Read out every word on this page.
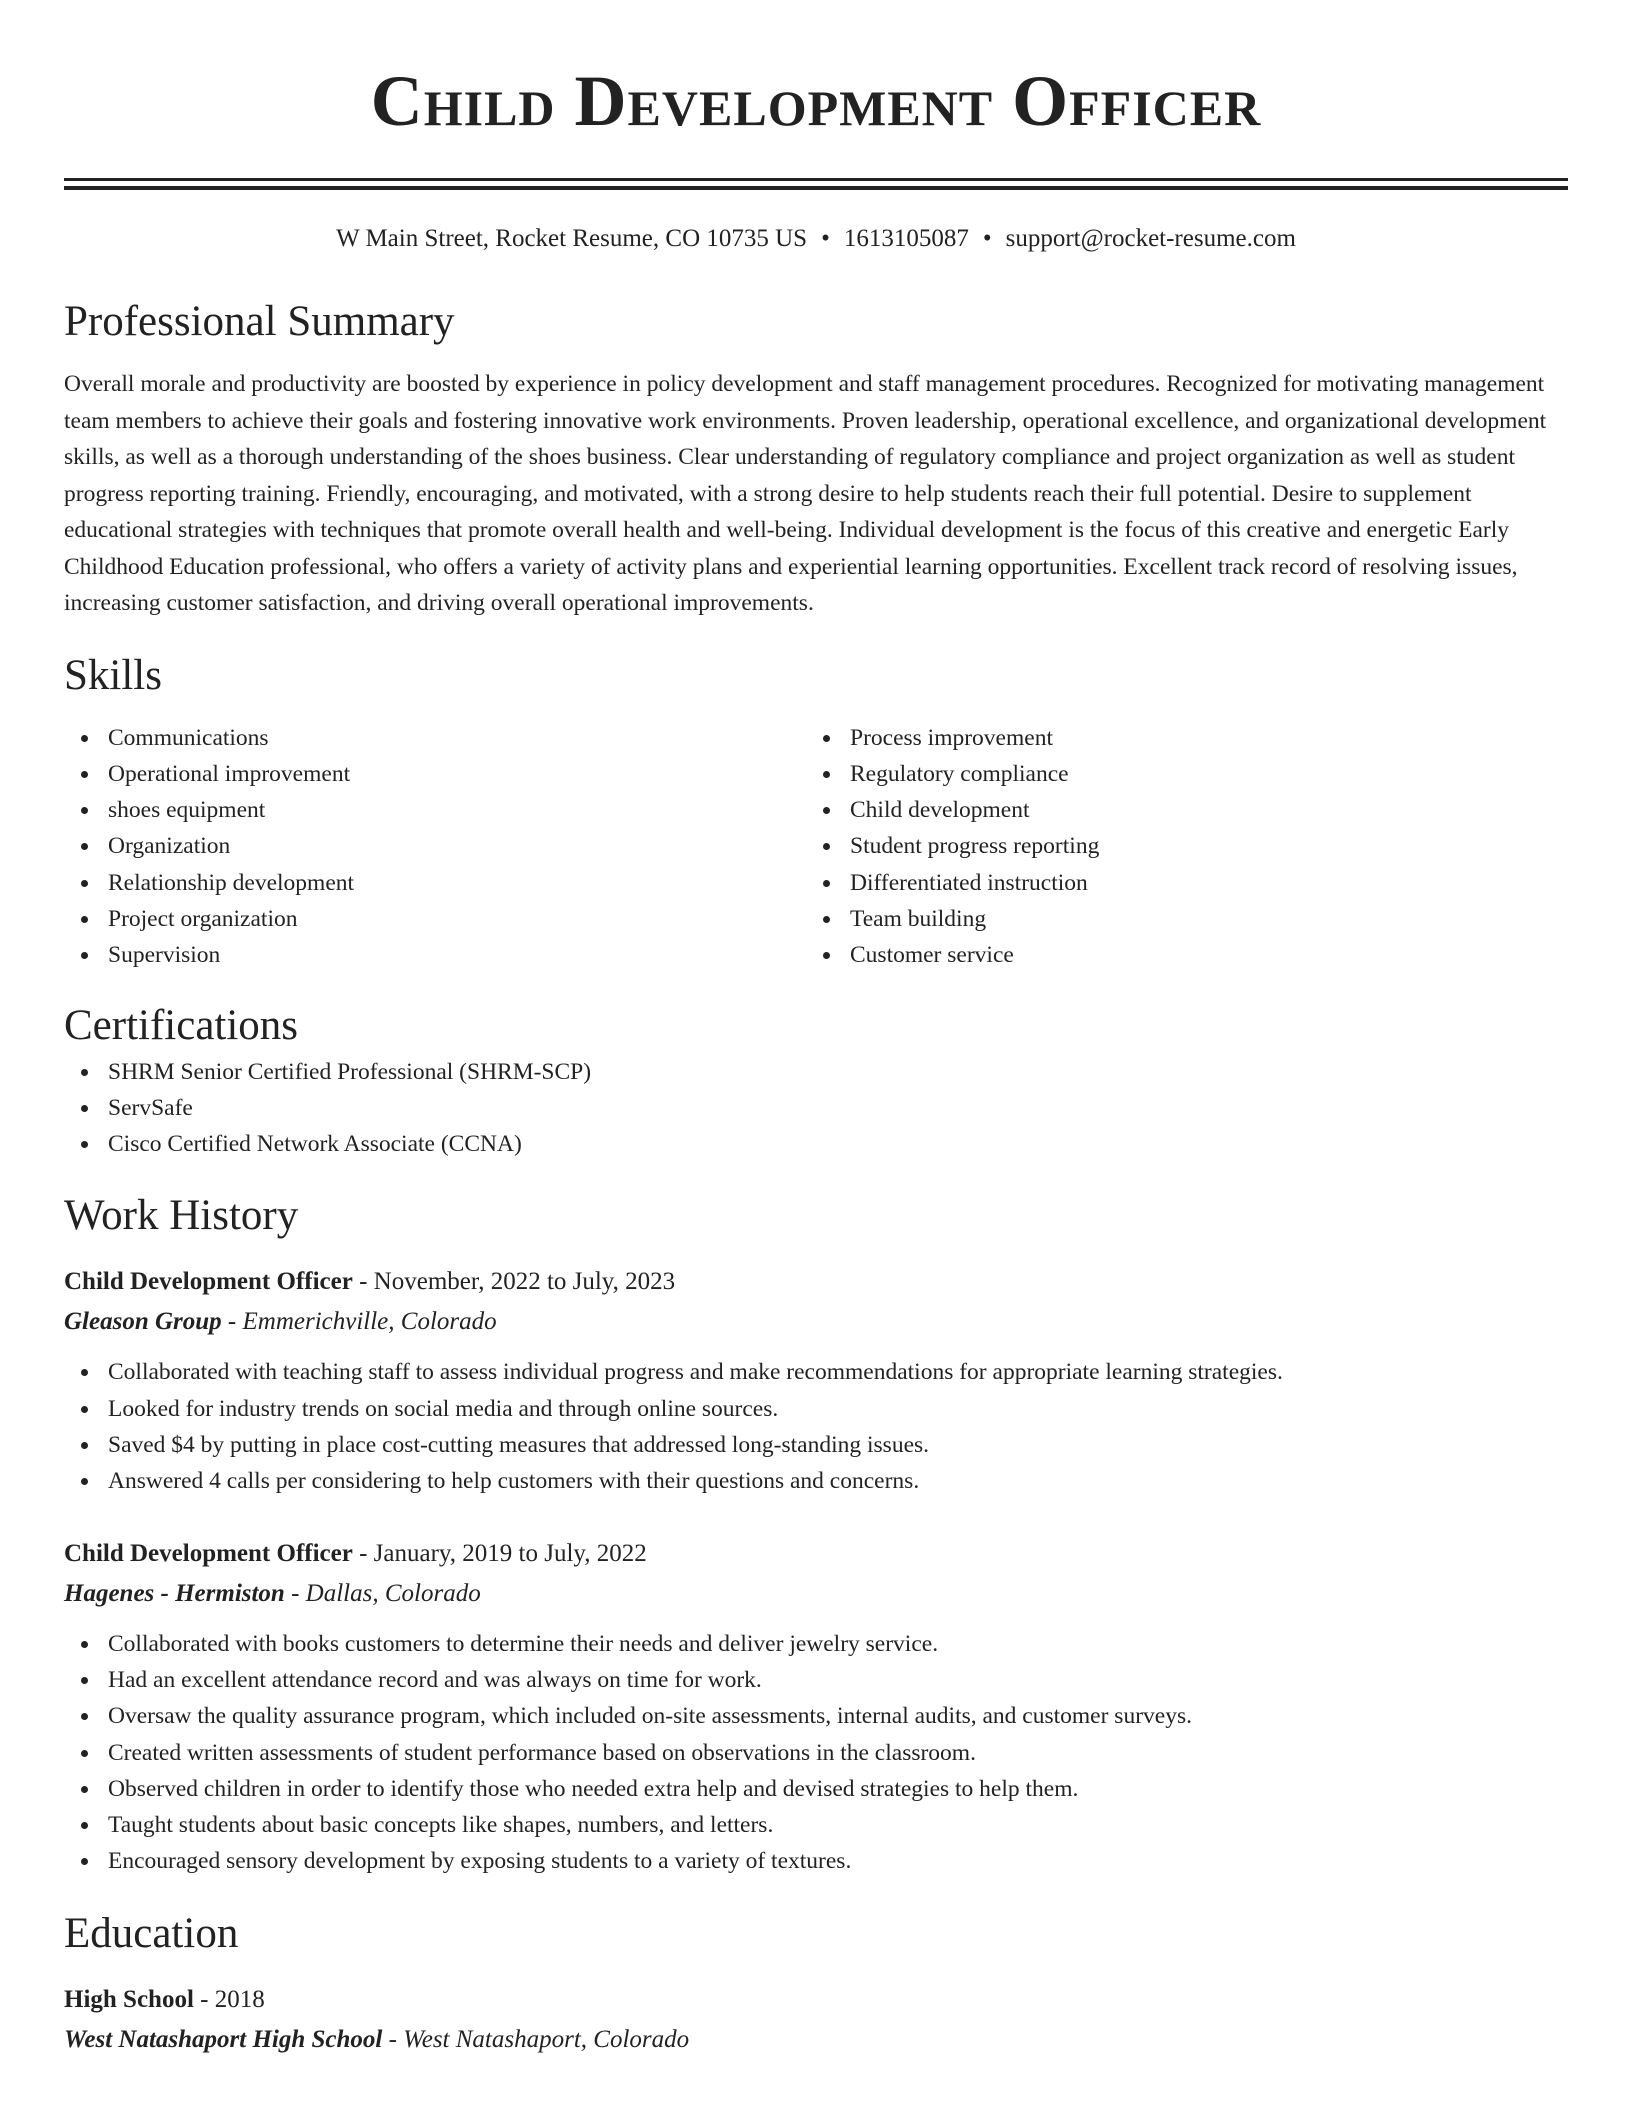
Child Development Officer
W Main Street, Rocket Resume, CO 10735 US • 1613105087 • support@rocket-resume.com
Professional Summary

Overall morale and productivity are boosted by experience in policy development and staff management procedures. Recognized for motivating management team members to achieve their goals and fostering innovative work environments. Proven leadership, operational excellence, and organizational development skills, as well as a thorough understanding of the shoes business. Clear understanding of regulatory compliance and project organization as well as student progress reporting training. Friendly, encouraging, and motivated, with a strong desire to help students reach their full potential. Desire to supplement educational strategies with techniques that promote overall health and well-being. Individual development is the focus of this creative and energetic Early Childhood Education professional, who offers a variety of activity plans and experiential learning opportunities. Excellent track record of resolving issues, increasing customer satisfaction, and driving overall operational improvements.

Skills
Communications
Operational improvement
shoes equipment
Organization
Relationship development
Project organization
Supervision
Process improvement
Regulatory compliance
Child development
Student progress reporting
Differentiated instruction
Team building
Customer service
Certifications
SHRM Senior Certified Professional (SHRM-SCP)
ServSafe
Cisco Certified Network Associate (CCNA)
Work History
Child Development Officer - November, 2022 to July, 2023
Gleason Group - Emmerichville, Colorado
Collaborated with teaching staff to assess individual progress and make recommendations for appropriate learning strategies.
Looked for industry trends on social media and through online sources.
Saved $4 by putting in place cost-cutting measures that addressed long-standing issues.
Answered 4 calls per considering to help customers with their questions and concerns.
Child Development Officer - January, 2019 to July, 2022
Hagenes - Hermiston - Dallas, Colorado
Collaborated with books customers to determine their needs and deliver jewelry service.
Had an excellent attendance record and was always on time for work.
Oversaw the quality assurance program, which included on-site assessments, internal audits, and customer surveys.
Created written assessments of student performance based on observations in the classroom.
Observed children in order to identify those who needed extra help and devised strategies to help them.
Taught students about basic concepts like shapes, numbers, and letters.
Encouraged sensory development by exposing students to a variety of textures.
Education
High School - 2018
West Natashaport High School - West Natashaport, Colorado
